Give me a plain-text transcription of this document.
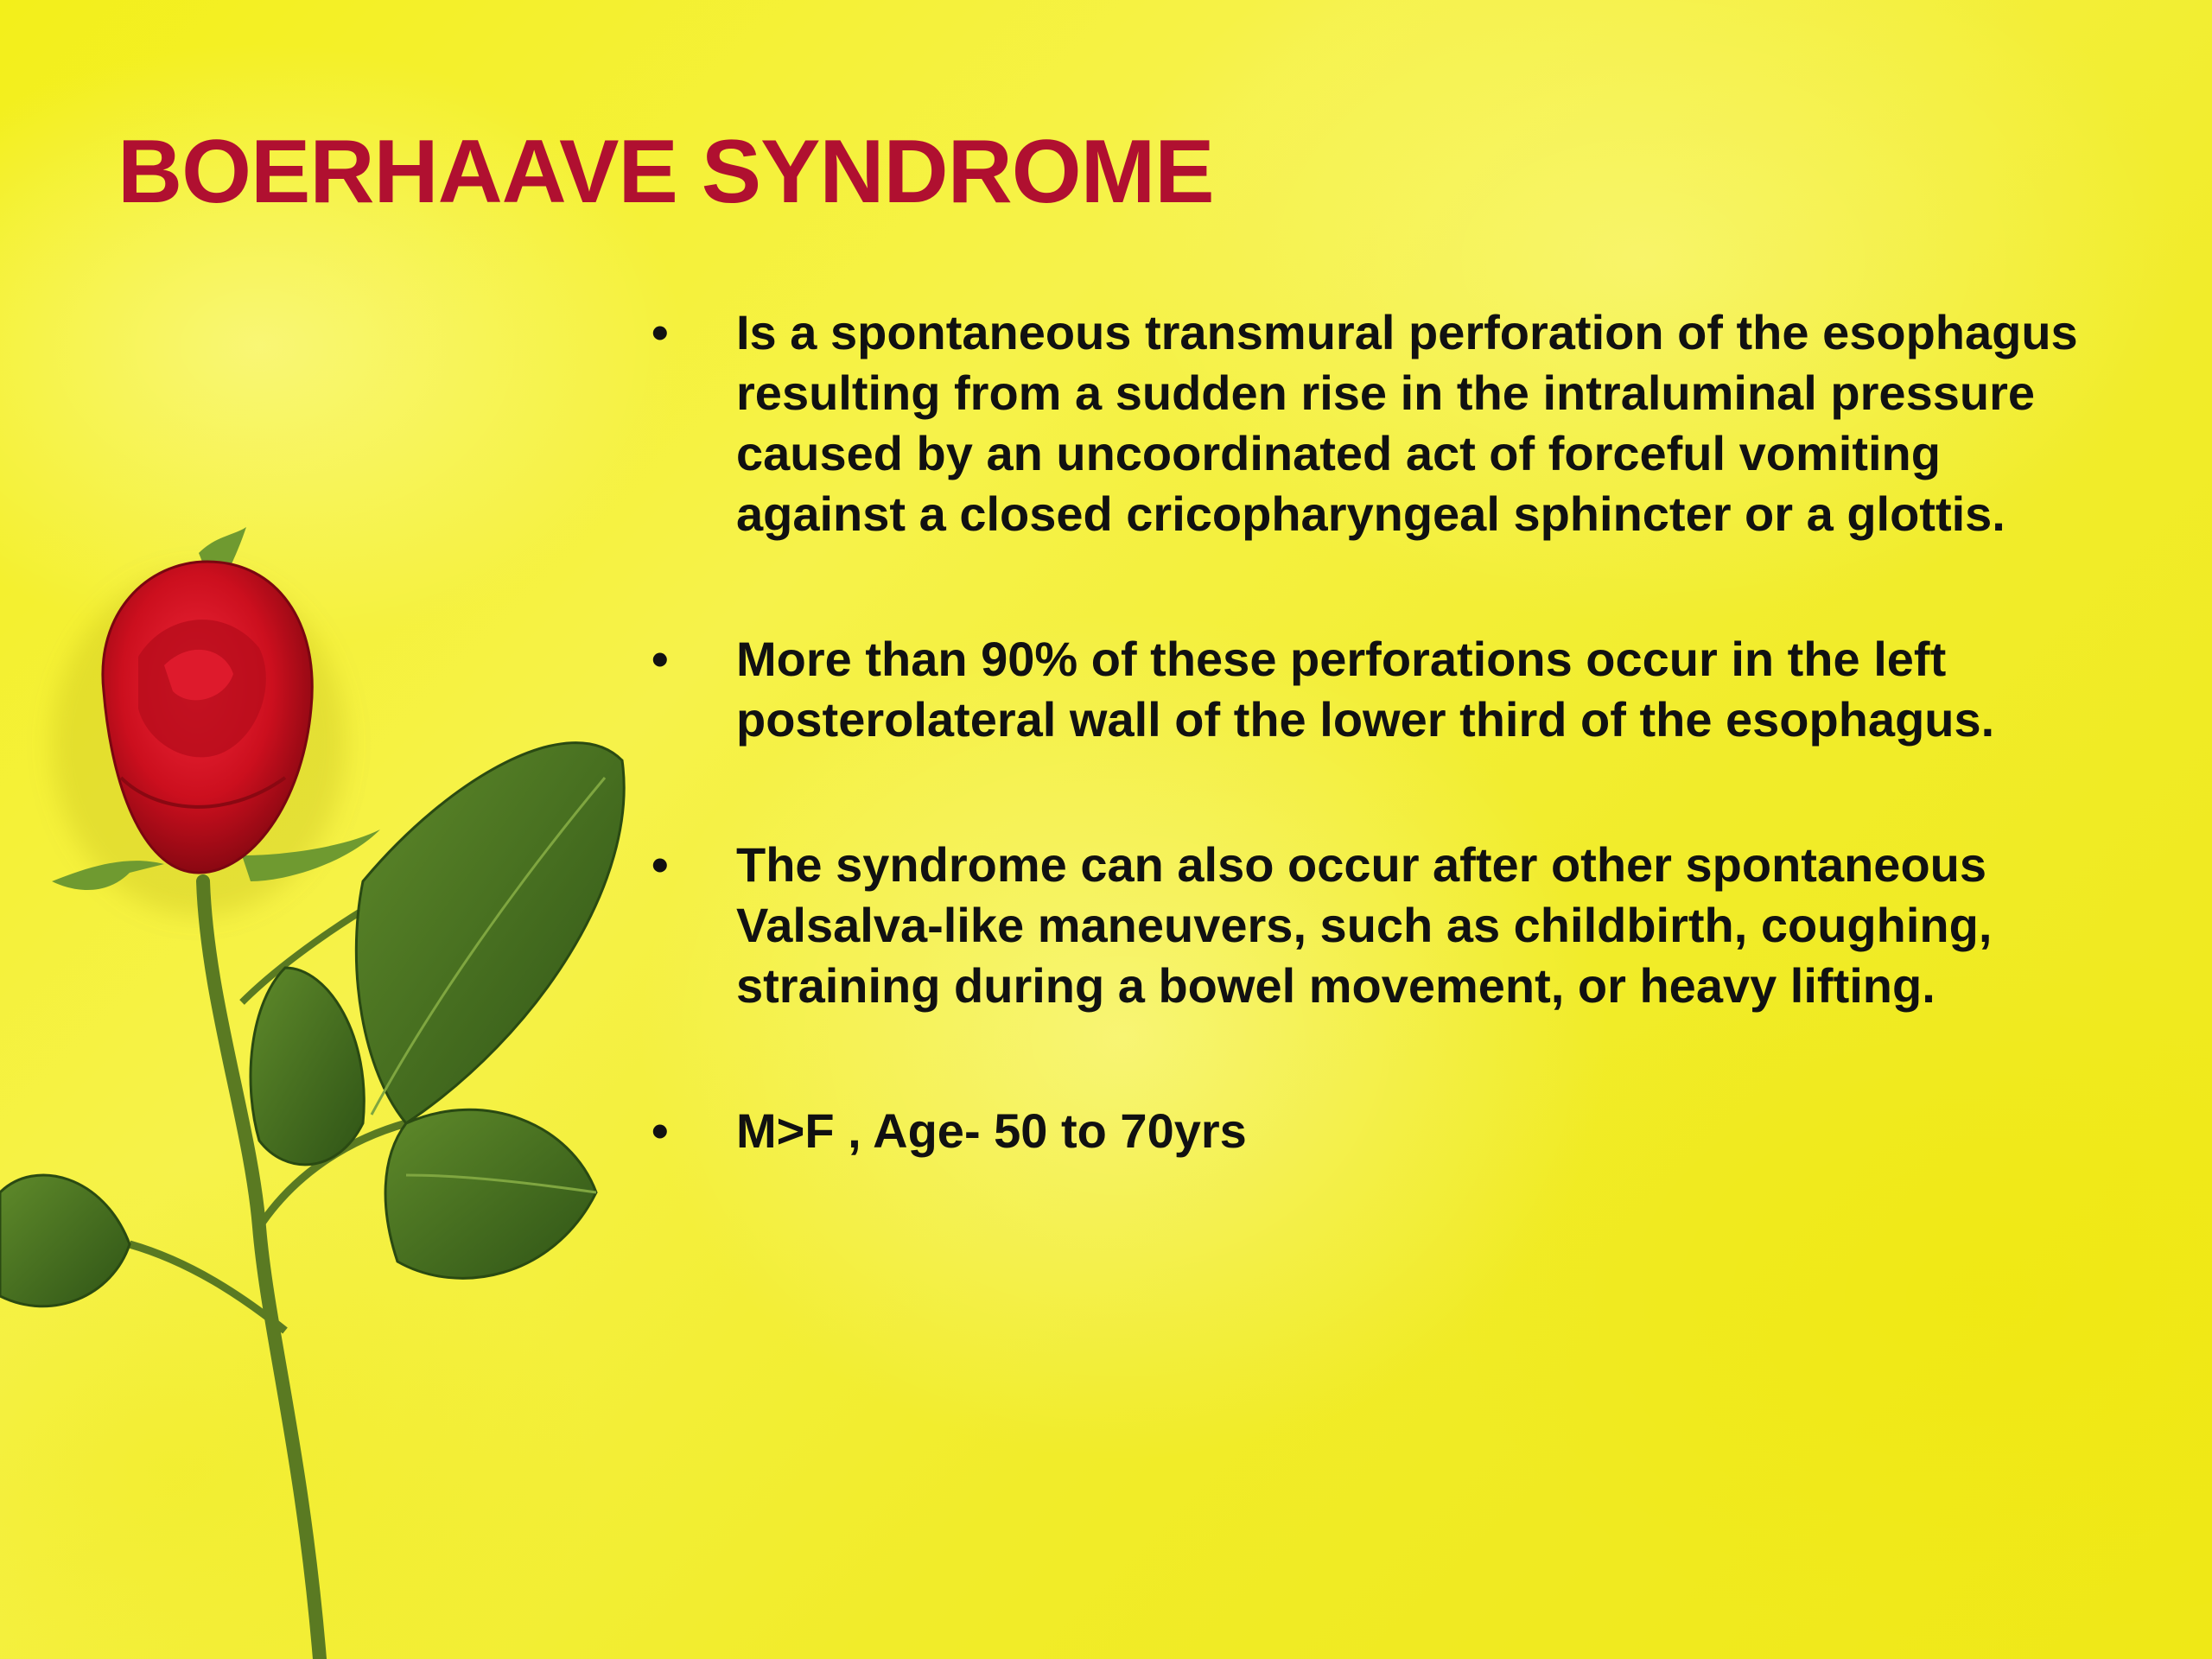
BOERHAAVE SYNDROME
•	Is a spontaneous transmural perforation of the esophagus resulting from a sudden rise in the intraluminal pressure caused by an uncoordinated act of forceful vomiting against a closed cricopharyngeal sphincter or a glottis.
•	More than 90% of these perforations occur in the left posterolateral wall of the lower third of the esophagus.
•	The syndrome can also occur after other spontaneous Valsalva-like maneuvers, such as childbirth, coughing, straining during a bowel movement, or heavy lifting.
•	M>F , Age- 50 to 70yrs
